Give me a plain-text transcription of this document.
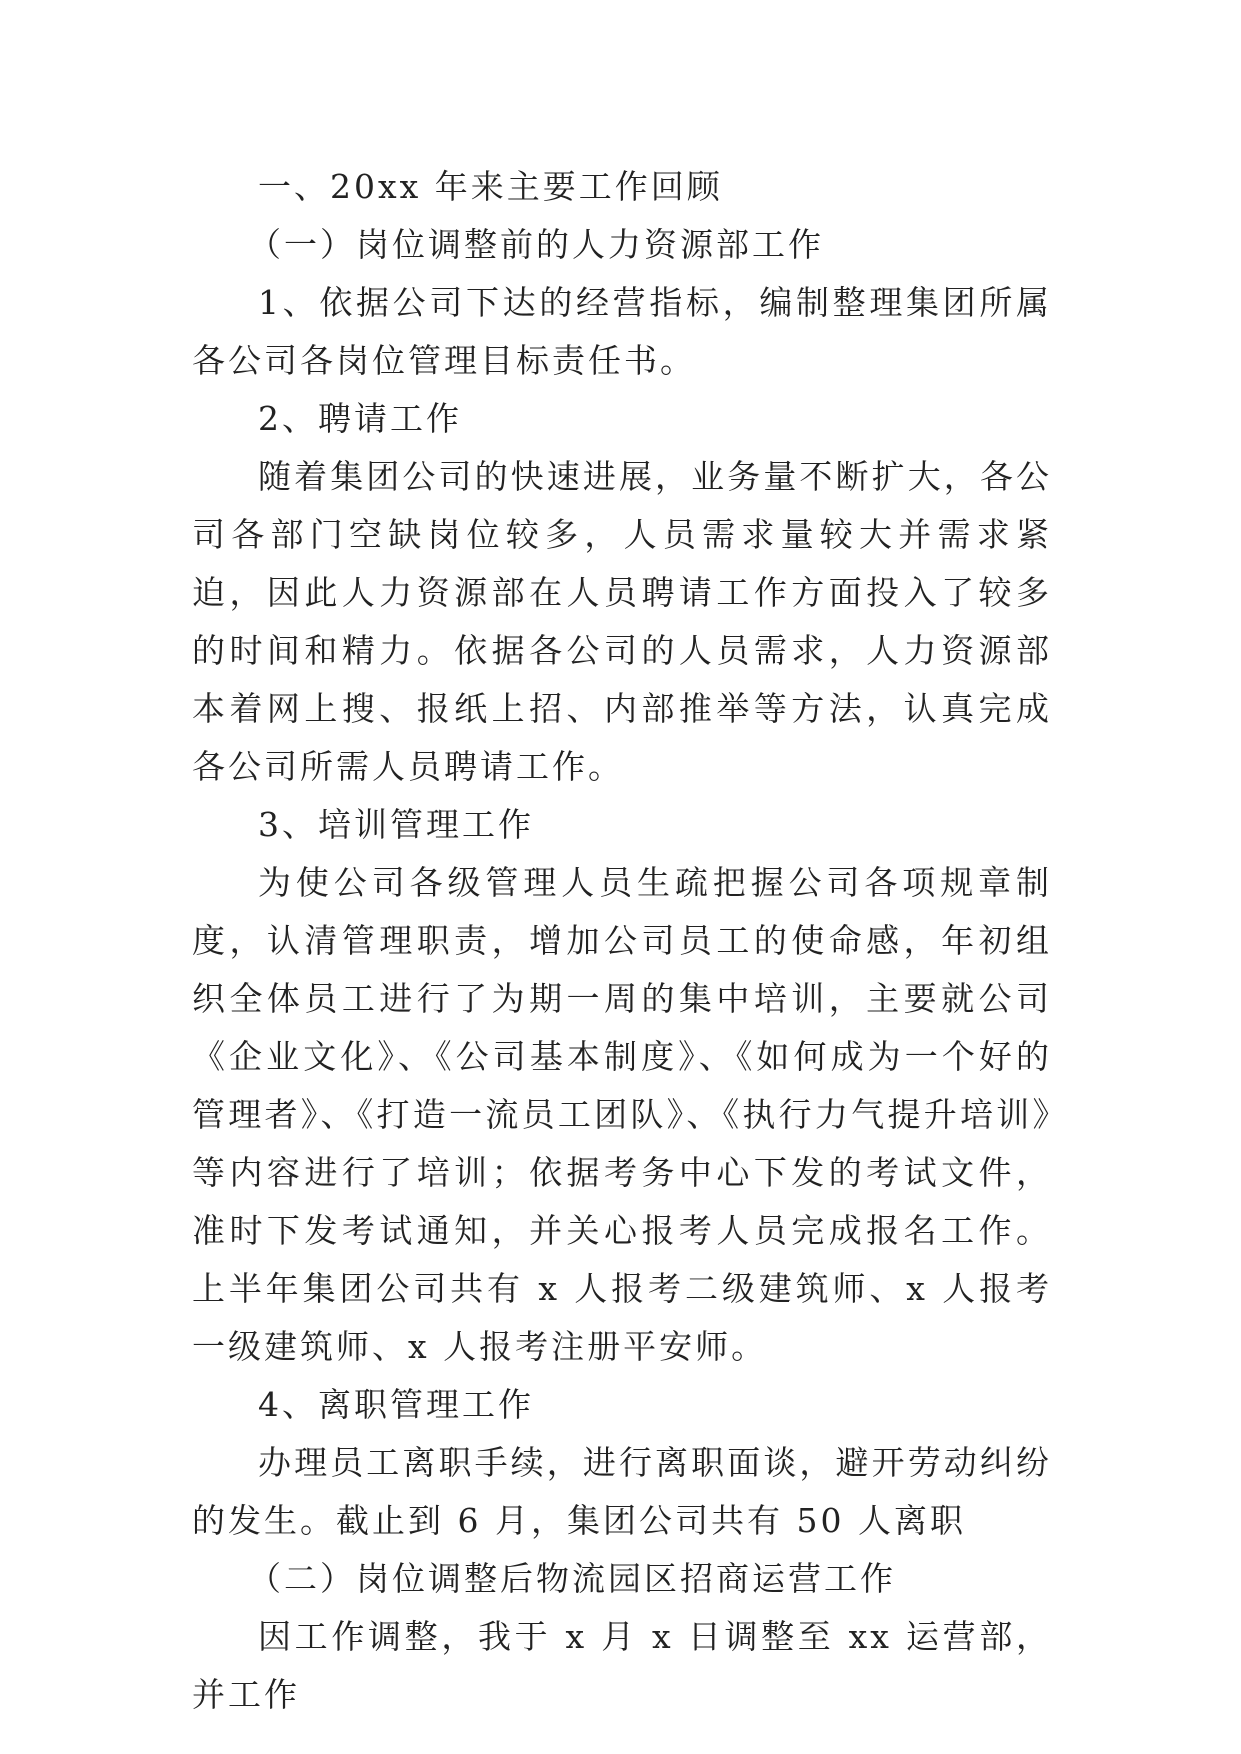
一、20xx 年来主要工作回顾

（一）岗位调整前的人力资源部工作

1、依据公司下达的经营指标，编制整理集团所属各公司各岗位管理目标责任书。

2、聘请工作

随着集团公司的快速进展，业务量不断扩大，各公司各部门空缺岗位较多，人员需求量较大并需求紧迫，因此人力资源部在人员聘请工作方面投入了较多的时间和精力。依据各公司的人员需求，人力资源部本着网上搜、报纸上招、内部推举等方法，认真完成各公司所需人员聘请工作。

3、培训管理工作

为使公司各级管理人员生疏把握公司各项规章制度，认清管理职责，增加公司员工的使命感，年初组织全体员工进行了为期一周的集中培训，主要就公司《企业文化》、《公司基本制度》、《如何成为一个好的管理者》、《打造一流员工团队》、《执行力气提升培训》等内容进行了培训；依据考务中心下发的考试文件，准时下发考试通知，并关心报考人员完成报名工作。上半年集团公司共有 x 人报考二级建筑师、x 人报考一级建筑师、x 人报考注册平安师。

4、离职管理工作

办理员工离职手续，进行离职面谈，避开劳动纠纷的发生。截止到 6 月，集团公司共有 50 人离职

（二）岗位调整后物流园区招商运营工作

因工作调整，我于 x 月 x 日调整至 xx 运营部，并工作
